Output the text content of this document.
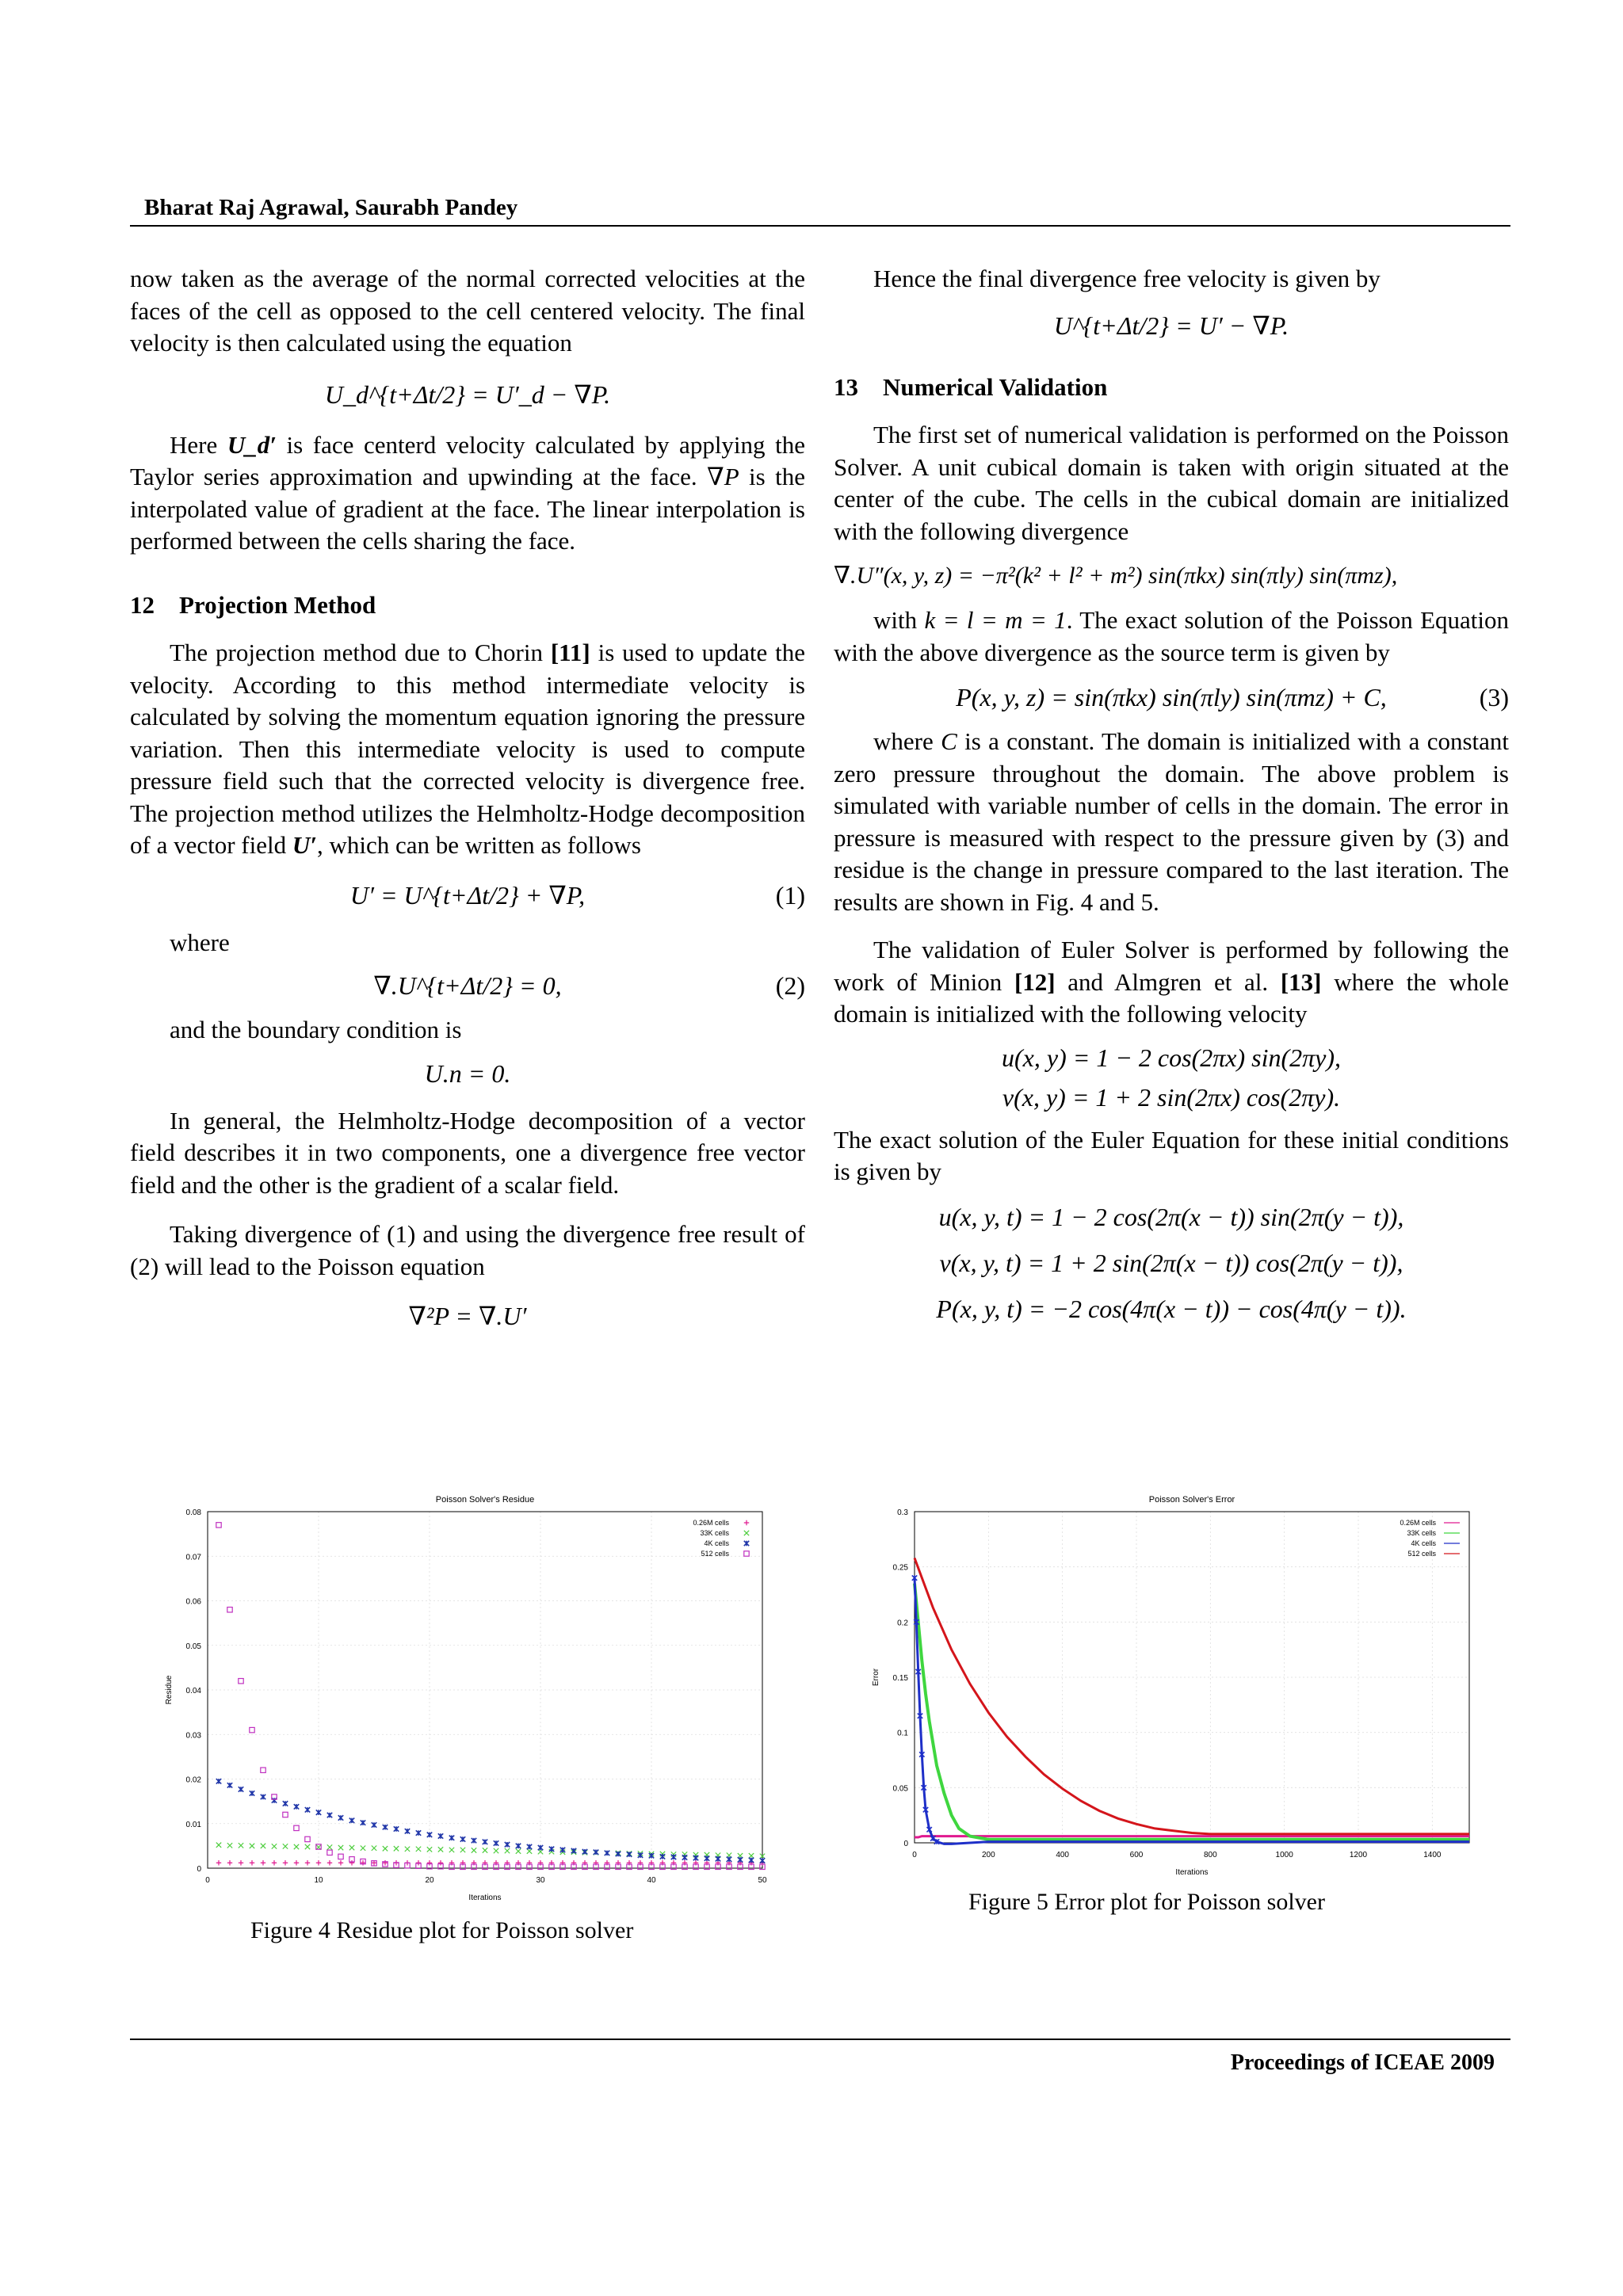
Bharat Raj Agrawal, Saurabh Pandey

now taken as the average of the normal corrected velocities at the faces of the cell as opposed to the cell centered velocity. The final velocity is then calculated using the equation

U_d^{t+Δt/2} = U′_d − ∇P.

Here U_d′ is face centerd velocity calculated by applying the Taylor series approximation and upwinding at the face. ∇P is the interpolated value of gradient at the face. The linear interpolation is performed between the cells sharing the face.

12 Projection Method

The projection method due to Chorin [11] is used to update the velocity. According to this method intermediate velocity is calculated by solving the momentum equation ignoring the pressure variation. Then this intermediate velocity is used to compute pressure field such that the corrected velocity is divergence free. The projection method utilizes the Helmholtz-Hodge decomposition of a vector field U′, which can be written as follows

U′ = U^{t+Δt/2} + ∇P,	(1)

where

∇.U^{t+Δt/2} = 0,	(2)

and the boundary condition is

U.n = 0.

In general, the Helmholtz-Hodge decomposition of a vector field describes it in two components, one a divergence free vector field and the other is the gradient of a scalar field.

Taking divergence of (1) and using the divergence free result of (2) will lead to the Poisson equation

∇²P = ∇.U′

Hence the final divergence free velocity is given by

U^{t+Δt/2} = U′ − ∇P.

13 Numerical Validation

The first set of numerical validation is performed on the Poisson Solver. A unit cubical domain is taken with origin situated at the center of the cube. The cells in the cubical domain are initialized with the following divergence

∇.U″(x, y, z) = −π²(k² + l² + m²) sin(πkx) sin(πly) sin(πmz),

with k = l = m = 1. The exact solution of the Poisson Equation with the above divergence as the source term is given by

P(x, y, z) = sin(πkx) sin(πly) sin(πmz) + C,	(3)

where C is a constant. The domain is initialized with a constant zero pressure throughout the domain. The above problem is simulated with variable number of cells in the domain. The error in pressure is measured with respect to the pressure given by (3) and residue is the change in pressure compared to the last iteration. The results are shown in Fig. 4 and 5.

The validation of Euler Solver is performed by following the work of Minion [12] and Almgren et al. [13] where the whole domain is initialized with the following velocity

u(x, y) = 1 − 2 cos(2πx) sin(2πy),
v(x, y) = 1 + 2 sin(2πx) cos(2πy).

The exact solution of the Euler Equation for these initial conditions is given by

u(x, y, t) = 1 − 2 cos(2π(x − t)) sin(2π(y − t)),
v(x, y, t) = 1 + 2 sin(2π(x − t)) cos(2π(y − t)),
P(x, y, t) = −2 cos(4π(x − t)) − cos(4π(y − t)).
Poisson Solver's Residue
0
0.01
0.02
0.03
0.04
0.05
0.06
0.07
0.08
0	10	20	30	40	50
Iterations
Residue
0.26M cells
33K cells
4K cells
512 cells
Figure 4 Residue plot for Poisson solver
Poisson Solver's Error
0
0.05
0.1
0.15
0.2
0.25
0.3
0	200	400	600	800	1000	1200	1400
Iterations
Error
0.26M cells
33K cells
4K cells
512 cells
Figure 5 Error plot for Poisson solver
Proceedings of ICEAE 2009
